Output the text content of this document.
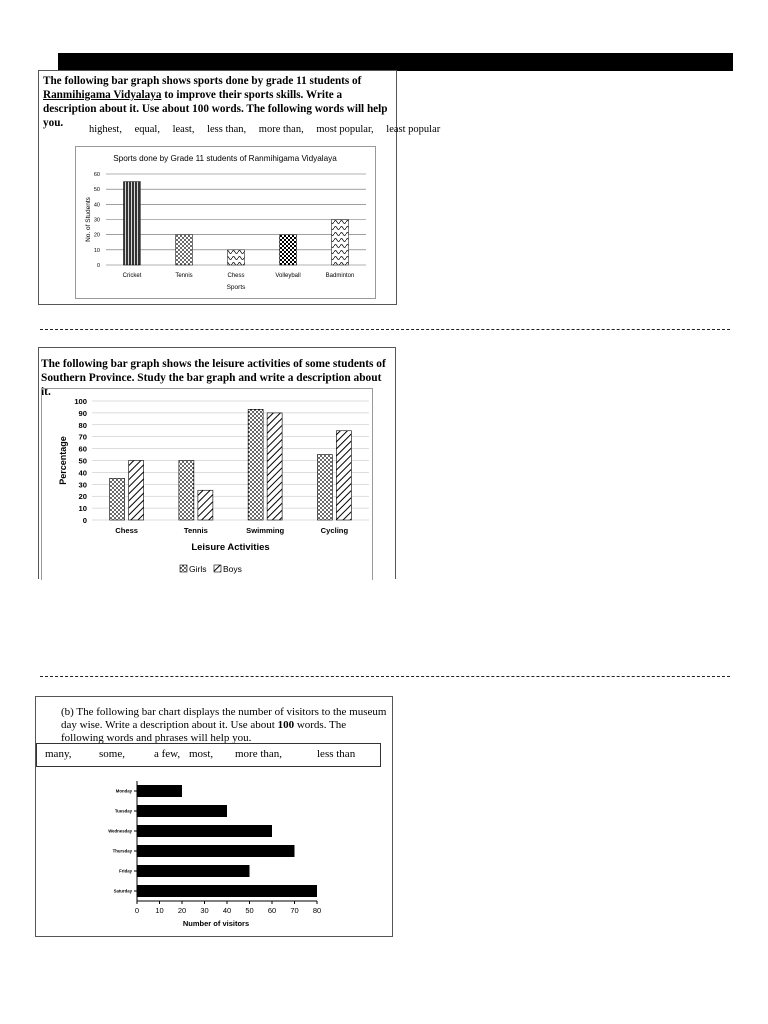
The following bar graph shows sports done by grade 11 students of Ranmihigama Vidyalaya to improve their sports skills. Write a description about it. Use about 100 words. The following words will help you.
highest, equal, least, less than, more than, most popular, least popular
Sports done by Grade 11 students of Ranmihigama Vidyalaya
0
10
20
30
40
50
60
Cricket	Tennis	Chess	Volleyball	Badminton
Sports
No. of Students
The following bar graph shows the leisure activities of some students of Southern Province. Study the bar graph and write a description about it.
0
10
20
30
40
50
60
70
80
90
100
Chess	Tennis	Swimming	Cycling
Leisure Activities
Percentage
Girls Boys
(b) The following bar chart displays the number of visitors to the museum day wise. Write a description about it. Use about 100 words. The following words and phrases will help you.
many,	some,	a few, most, more than,	less than
Monday
Tuesday
Wednesday
Thursday
Friday
Saturday
0 10 20 30 40 50 60 70 80
Number of visitors
